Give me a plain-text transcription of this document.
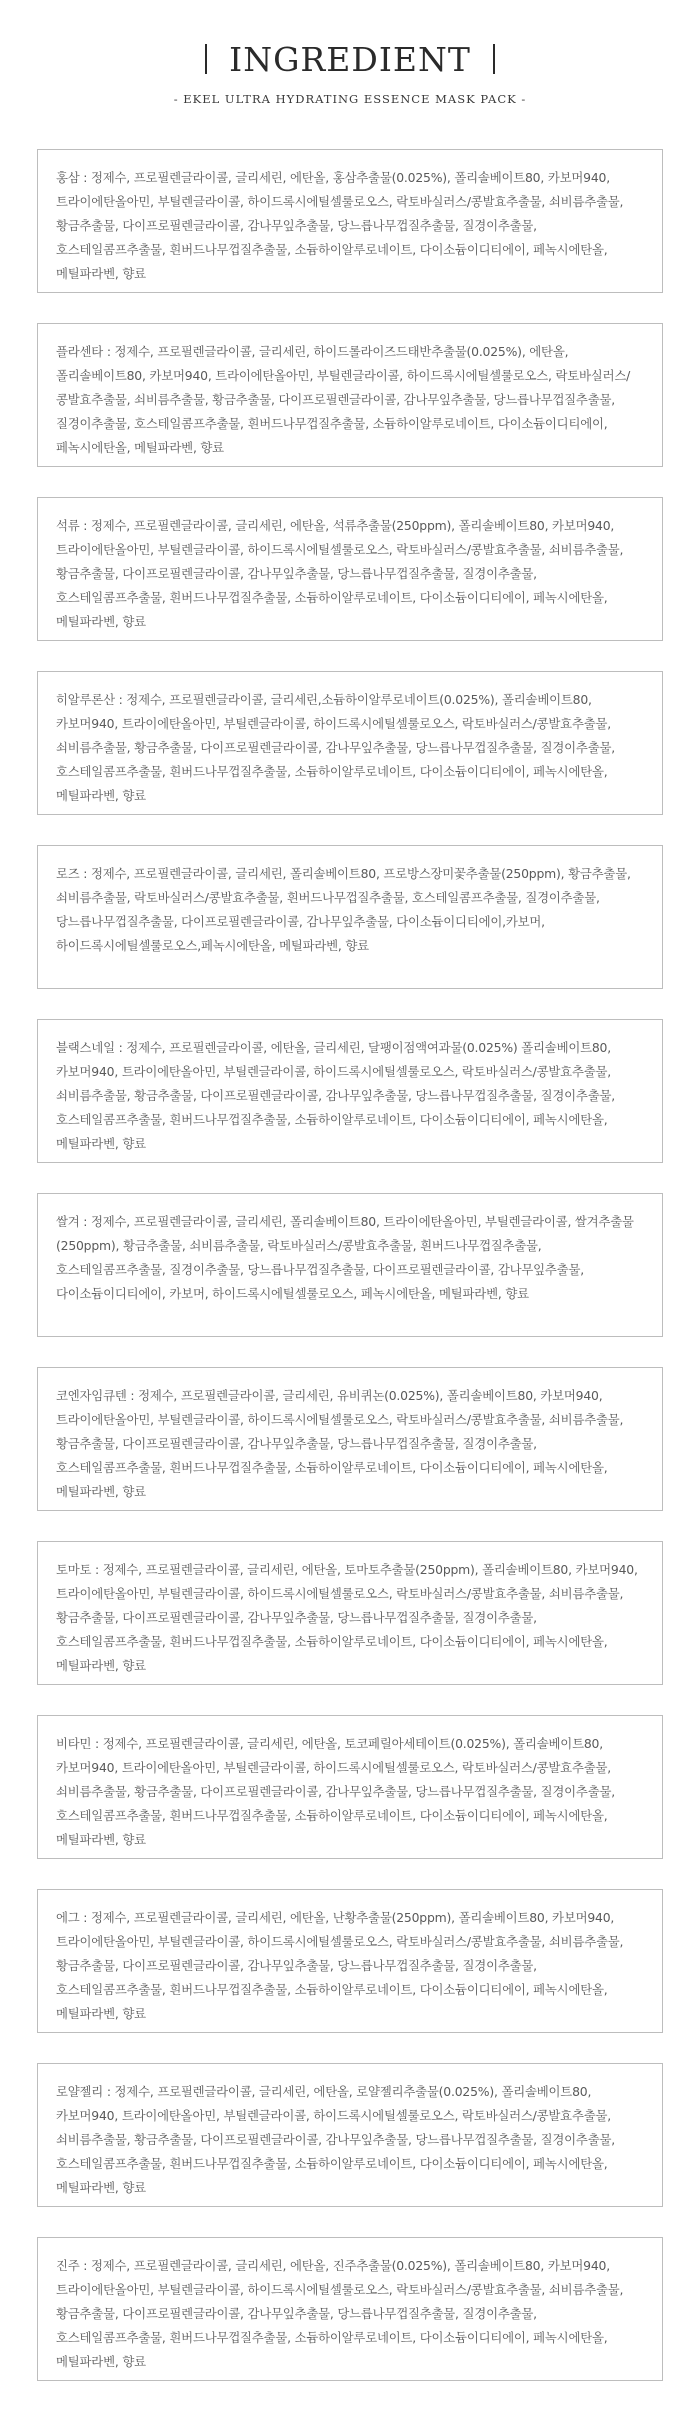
INGREDIENT
- EKEL ULTRA HYDRATING ESSENCE MASK PACK -
홍삼 : 정제수, 프로필렌글라이콜, 글리세린, 에탄올, 홍삼추출물(0.025%), 폴리솔베이트80, 카보머940, 트라이에탄올아민, 부틸렌글라이콜, 하이드록시에틸셀룰로오스, 락토바실러스/콩발효추출물, 쇠비름추출물, 황금추출물, 다이프로필렌글라이콜, 감나무잎추출물, 당느릅나무껍질추출물, 질경이추출물, 호스테일콤프추출물, 흰버드나무껍질추출물, 소듐하이알루로네이트, 다이소듐이디티에이, 페녹시에탄올, 메틸파라벤, 향료
플라센타 : 정제수, 프로필렌글라이콜, 글리세린, 하이드롤라이즈드태반추출물(0.025%), 에탄올, 폴리솔베이트80, 카보머940, 트라이에탄올아민, 부틸렌글라이콜, 하이드록시에틸셀룰로오스, 락토바실러스/콩발효추출물, 쇠비름추출물, 황금추출물, 다이프로필렌글라이콜, 감나무잎추출물, 당느릅나무껍질추출물, 질경이추출물, 호스테일콤프추출물, 흰버드나무껍질추출물, 소듐하이알루로네이트, 다이소듐이디티에이, 페녹시에탄올, 메틸파라벤, 향료
석류 : 정제수, 프로필렌글라이콜, 글리세린, 에탄올, 석류추출물(250ppm), 폴리솔베이트80, 카보머940, 트라이에탄올아민, 부틸렌글라이콜, 하이드록시에틸셀룰로오스, 락토바실러스/콩발효추출물, 쇠비름추출물, 황금추출물, 다이프로필렌글라이콜, 감나무잎추출물, 당느릅나무껍질추출물, 질경이추출물, 호스테일콤프추출물, 흰버드나무껍질추출물, 소듐하이알루로네이트, 다이소듐이디티에이, 페녹시에탄올, 메틸파라벤, 향료
히알루론산 : 정제수, 프로필렌글라이콜, 글리세린,소듐하이알루로네이트(0.025%), 폴리솔베이트80, 카보머940, 트라이에탄올아민, 부틸렌글라이콜, 하이드록시에틸셀룰로오스, 락토바실러스/콩발효추출물, 쇠비름추출물, 황금추출물, 다이프로필렌글라이콜, 감나무잎추출물, 당느릅나무껍질추출물, 질경이추출물, 호스테일콤프추출물, 흰버드나무껍질추출물, 소듐하이알루로네이트, 다이소듐이디티에이, 페녹시에탄올, 메틸파라벤, 향료
로즈 : 정제수, 프로필렌글라이콜, 글리세린, 폴리솔베이트80, 프로방스장미꽃추출물(250ppm), 황금추출물, 쇠비름추출물, 락토바실러스/콩발효추출물, 흰버드나무껍질추출물, 호스테일콤프추출물, 질경이추출물, 당느릅나무껍질추출물, 다이프로필렌글라이콜, 감나무잎추출물, 다이소듐이디티에이,카보머, 하이드록시에틸셀룰로오스,페녹시에탄올, 메틸파라벤, 향료
블랙스네일 : 정제수, 프로필렌글라이콜, 에탄올, 글리세린, 달팽이점액여과물(0.025%) 폴리솔베이트80, 카보머940, 트라이에탄올아민, 부틸렌글라이콜, 하이드록시에틸셀룰로오스, 락토바실러스/콩발효추출물, 쇠비름추출물, 황금추출물, 다이프로필렌글라이콜, 감나무잎추출물, 당느릅나무껍질추출물, 질경이추출물, 호스테일콤프추출물, 흰버드나무껍질추출물, 소듐하이알루로네이트, 다이소듐이디티에이, 페녹시에탄올, 메틸파라벤, 향료
쌀겨 : 정제수, 프로필렌글라이콜, 글리세린, 폴리솔베이트80, 트라이에탄올아민, 부틸렌글라이콜, 쌀겨추출물(250ppm), 황금추출물, 쇠비름추출물, 락토바실러스/콩발효추출물, 흰버드나무껍질추출물, 호스테일콤프추출물, 질경이추출물, 당느릅나무껍질추출물, 다이프로필렌글라이콜, 감나무잎추출물, 다이소듐이디티에이, 카보머, 하이드록시에틸셀룰로오스, 페녹시에탄올, 메틸파라벤, 향료
코엔자임큐텐 : 정제수, 프로필렌글라이콜, 글리세린, 유비퀴논(0.025%), 폴리솔베이트80, 카보머940, 트라이에탄올아민, 부틸렌글라이콜, 하이드록시에틸셀룰로오스, 락토바실러스/콩발효추출물, 쇠비름추출물, 황금추출물, 다이프로필렌글라이콜, 감나무잎추출물, 당느릅나무껍질추출물, 질경이추출물, 호스테일콤프추출물, 흰버드나무껍질추출물, 소듐하이알루로네이트, 다이소듐이디티에이, 페녹시에탄올, 메틸파라벤, 향료
토마토 : 정제수, 프로필렌글라이콜, 글리세린, 에탄올, 토마토추출물(250ppm), 폴리솔베이트80, 카보머940, 트라이에탄올아민, 부틸렌글라이콜, 하이드록시에틸셀룰로오스, 락토바실러스/콩발효추출물, 쇠비름추출물, 황금추출물, 다이프로필렌글라이콜, 감나무잎추출물, 당느릅나무껍질추출물, 질경이추출물, 호스테일콤프추출물, 흰버드나무껍질추출물, 소듐하이알루로네이트, 다이소듐이디티에이, 페녹시에탄올, 메틸파라벤, 향료
비타민 : 정제수, 프로필렌글라이콜, 글리세린, 에탄올, 토코페릴아세테이트(0.025%), 폴리솔베이트80, 카보머940, 트라이에탄올아민, 부틸렌글라이콜, 하이드록시에틸셀룰로오스, 락토바실러스/콩발효추출물, 쇠비름추출물, 황금추출물, 다이프로필렌글라이콜, 감나무잎추출물, 당느릅나무껍질추출물, 질경이추출물, 호스테일콤프추출물, 흰버드나무껍질추출물, 소듐하이알루로네이트, 다이소듐이디티에이, 페녹시에탄올, 메틸파라벤, 향료
에그 : 정제수, 프로필렌글라이콜, 글리세린, 에탄올, 난황추출물(250ppm), 폴리솔베이트80, 카보머940, 트라이에탄올아민, 부틸렌글라이콜, 하이드록시에틸셀룰로오스, 락토바실러스/콩발효추출물, 쇠비름추출물, 황금추출물, 다이프로필렌글라이콜, 감나무잎추출물, 당느릅나무껍질추출물, 질경이추출물, 호스테일콤프추출물, 흰버드나무껍질추출물, 소듐하이알루로네이트, 다이소듐이디티에이, 페녹시에탄올, 메틸파라벤, 향료
로얄젤리 : 정제수, 프로필렌글라이콜, 글리세린, 에탄올, 로얄젤리추출물(0.025%), 폴리솔베이트80, 카보머940, 트라이에탄올아민, 부틸렌글라이콜, 하이드록시에틸셀룰로오스, 락토바실러스/콩발효추출물, 쇠비름추출물, 황금추출물, 다이프로필렌글라이콜, 감나무잎추출물, 당느릅나무껍질추출물, 질경이추출물, 호스테일콤프추출물, 흰버드나무껍질추출물, 소듐하이알루로네이트, 다이소듐이디티에이, 페녹시에탄올, 메틸파라벤, 향료
진주 : 정제수, 프로필렌글라이콜, 글리세린, 에탄올, 진주추출물(0.025%), 폴리솔베이트80, 카보머940, 트라이에탄올아민, 부틸렌글라이콜, 하이드록시에틸셀룰로오스, 락토바실러스/콩발효추출물, 쇠비름추출물, 황금추출물, 다이프로필렌글라이콜, 감나무잎추출물, 당느릅나무껍질추출물, 질경이추출물, 호스테일콤프추출물, 흰버드나무껍질추출물, 소듐하이알루로네이트, 다이소듐이디티에이, 페녹시에탄올, 메틸파라벤, 향료
